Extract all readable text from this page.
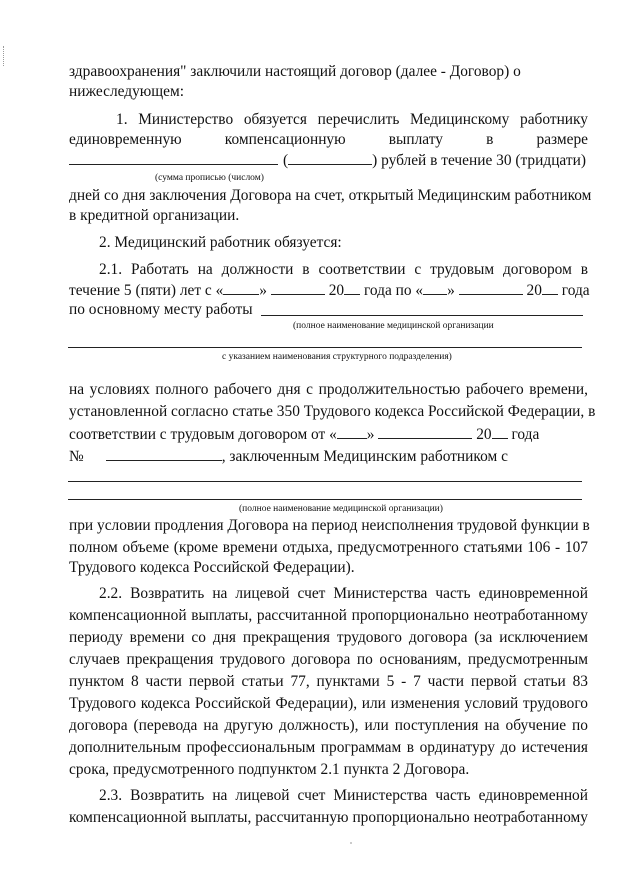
здравоохранения" заключили настоящий договор (далее - Договор) о
нижеследующем:
1. Министерство обязуется перечислить Медицинскому работнику
единовременную компенсационную выплату в размере
(	) рублей в течение 30 (тридцати)
(сумма прописью (числом)
дней со дня заключения Договора на счет, открытый Медицинским работником
в кредитной организации.
2. Медицинский работник обязуется:
2.1. Работать на должности в соответствии с трудовым договором в
течение 5 (пяти) лет с « »	20 года по « »	20 года
по основному месту работы
(полное наименование медицинской организации
с указанием наименования структурного подразделения)
на условиях полного рабочего дня с продолжительностью рабочего времени,
установленной согласно статье 350 Трудового кодекса Российской Федерации, в
соответствии с трудовым договором от « »	20 года
№	, заключенным Медицинским работником с
(полное наименование медицинской организации)
при условии продления Договора на период неисполнения трудовой функции в
полном объеме (кроме времени отдыха, предусмотренного статьями 106 - 107
Трудового кодекса Российской Федерации).
2.2. Возвратить на лицевой счет Министерства часть единовременной
компенсационной выплаты, рассчитанной пропорционально неотработанному
периоду времени со дня прекращения трудового договора (за исключением
случаев прекращения трудового договора по основаниям, предусмотренным
пунктом 8 части первой статьи 77, пунктами 5 - 7 части первой статьи 83
Трудового кодекса Российской Федерации), или изменения условий трудового
договора (перевода на другую должность), или поступления на обучение по
дополнительным профессиональным программам в ординатуру до истечения
срока, предусмотренного подпунктом 2.1 пункта 2 Договора.
2.3. Возвратить на лицевой счет Министерства часть единовременной
компенсационной выплаты, рассчитанную пропорционально неотработанному
